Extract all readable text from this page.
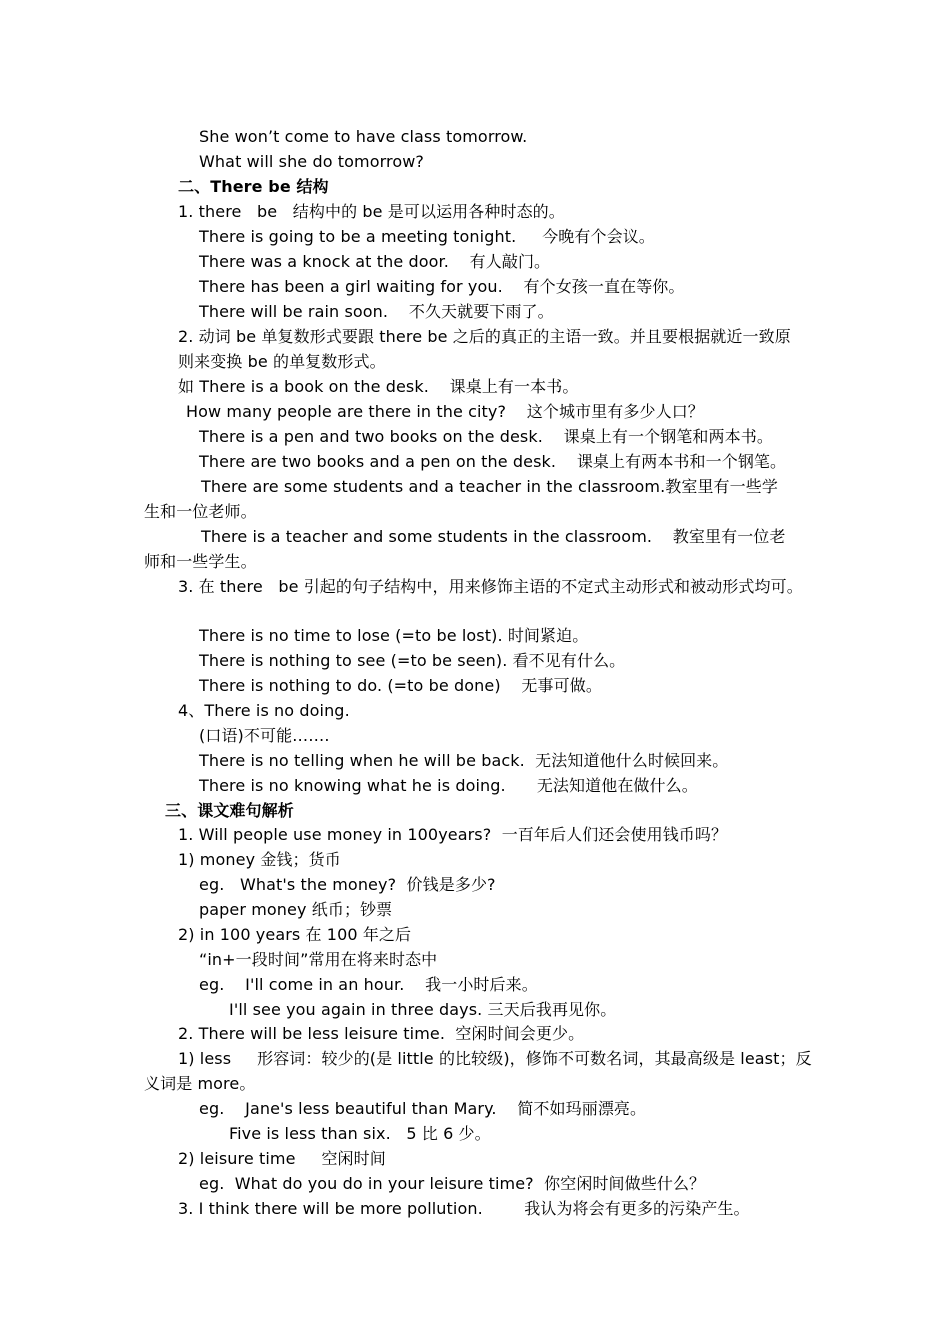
She won’t come to have class tomorrow.
What will she do tomorrow?
二、There be 结构
1. there   be   结构中的 be 是可以运用各种时态的。
There is going to be a meeting tonight.     今晚有个会议。
There was a knock at the door.    有人敲门。
There has been a girl waiting for you.    有个女孩一直在等你。
There will be rain soon.    不久天就要下雨了。
2. 动词 be 单复数形式要跟 there be 之后的真正的主语一致。并且要根据就近一致原
则来变换 be 的单复数形式。
如 There is a book on the desk.    课桌上有一本书。
How many people are there in the city?    这个城市里有多少人口？
There is a pen and two books on the desk.    课桌上有一个钢笔和两本书。
There are two books and a pen on the desk.    课桌上有两本书和一个钢笔。
There are some students and a teacher in the classroom.教室里有一些学
生和一位老师。
There is a teacher and some students in the classroom.    教室里有一位老
师和一些学生。
3. 在 there   be 引起的句子结构中，用来修饰主语的不定式主动形式和被动形式均可。
There is no time to lose (=to be lost). 时间紧迫。
There is nothing to see (=to be seen). 看不见有什么。
There is nothing to do. (=to be done)    无事可做。
4、There is no doing.
(口语)不可能…….
There is no telling when he will be back.  无法知道他什么时候回来。
There is no knowing what he is doing.      无法知道他在做什么。
三、课文难句解析
1. Will people use money in 100years?  一百年后人们还会使用钱币吗？
1) money 金钱；货币
eg.   What's the money?  价钱是多少?
paper money 纸币；钞票
2) in 100 years 在 100 年之后
“in+一段时间”常用在将来时态中
eg.    I'll come in an hour.    我一小时后来。
I'll see you again in three days. 三天后我再见你。
2. There will be less leisure time.  空闲时间会更少。
1) less     形容词：较少的(是 little 的比较级)，修饰不可数名词，其最高级是 least；反
义词是 more。
eg.    Jane's less beautiful than Mary.    简不如玛丽漂亮。
Five is less than six.   5 比 6 少。
2) leisure time     空闲时间
eg.  What do you do in your leisure time?  你空闲时间做些什么？
3. I think there will be more pollution.        我认为将会有更多的污染产生。
